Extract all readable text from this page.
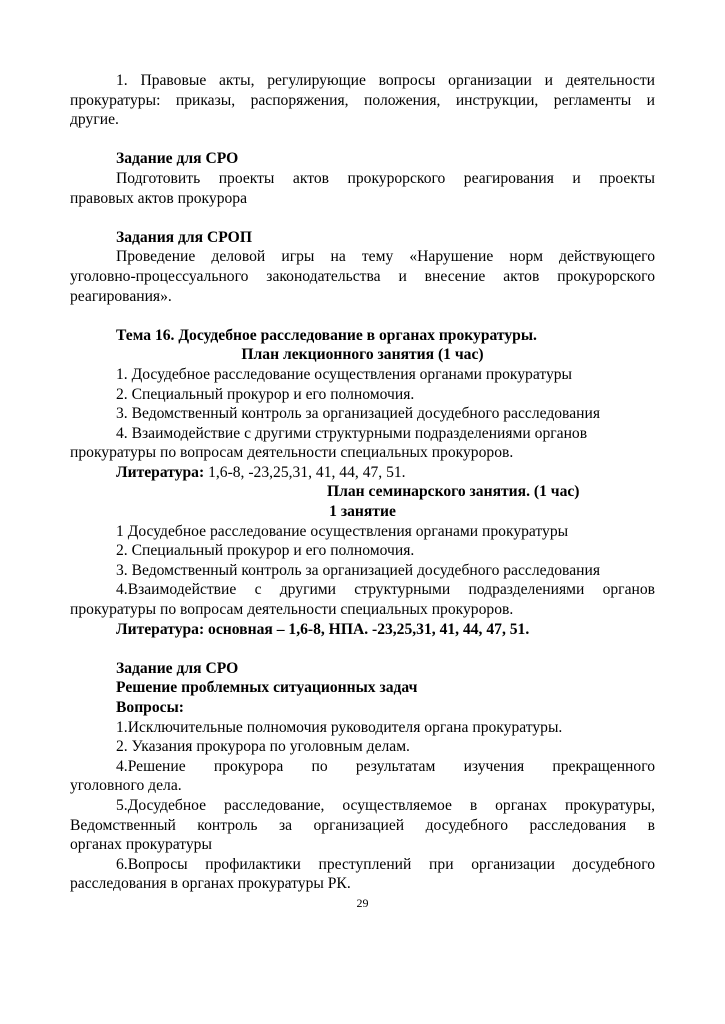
1. Правовые акты, регулирующие вопросы организации и деятельности

прокуратуры: приказы, распоряжения, положения, инструкции, регламенты и

другие.

Задание для СРО

Подготовить проекты актов прокурорского реагирования и проекты

правовых актов прокурора

Задания для СРОП

Проведение деловой игры на тему «Нарушение норм действующего

уголовно-процессуального законодательства и внесение актов прокурорского

реагирования».

Тема 16. Досудебное расследование в органах прокуратуры.

План лекционного занятия (1 час)

1. Досудебное расследование осуществления органами прокуратуры

2. Специальный прокурор и его полномочия.

3. Ведомственный контроль за организацией досудебного расследования

4. Взаимодействие с другими структурными подразделениями органов

прокуратуры по вопросам деятельности специальных прокуроров.

Литература: 1,6-8, -23,25,31, 41, 44, 47, 51.

План семинарского занятия. (1 час)

1 занятие

1 Досудебное расследование осуществления органами прокуратуры

2. Специальный прокурор и его полномочия.

3. Ведомственный контроль за организацией досудебного расследования

4.Взаимодействие с другими структурными подразделениями органов

прокуратуры по вопросам деятельности специальных прокуроров.

Литература: основная – 1,6-8, НПА. -23,25,31, 41, 44, 47, 51.

Задание для СРО

Решение проблемных ситуационных задач

Вопросы:

1.Исключительные полномочия руководителя органа прокуратуры.

2. Указания прокурора по уголовным делам.

4.Решение прокурора по результатам изучения прекращенного

уголовного дела.

5.Досудебное расследование, осуществляемое в органах прокуратуры,

Ведомственный контроль за организацией досудебного расследования в

органах прокуратуры

6.Вопросы профилактики преступлений при организации досудебного

расследования в органах прокуратуры РК.

29
